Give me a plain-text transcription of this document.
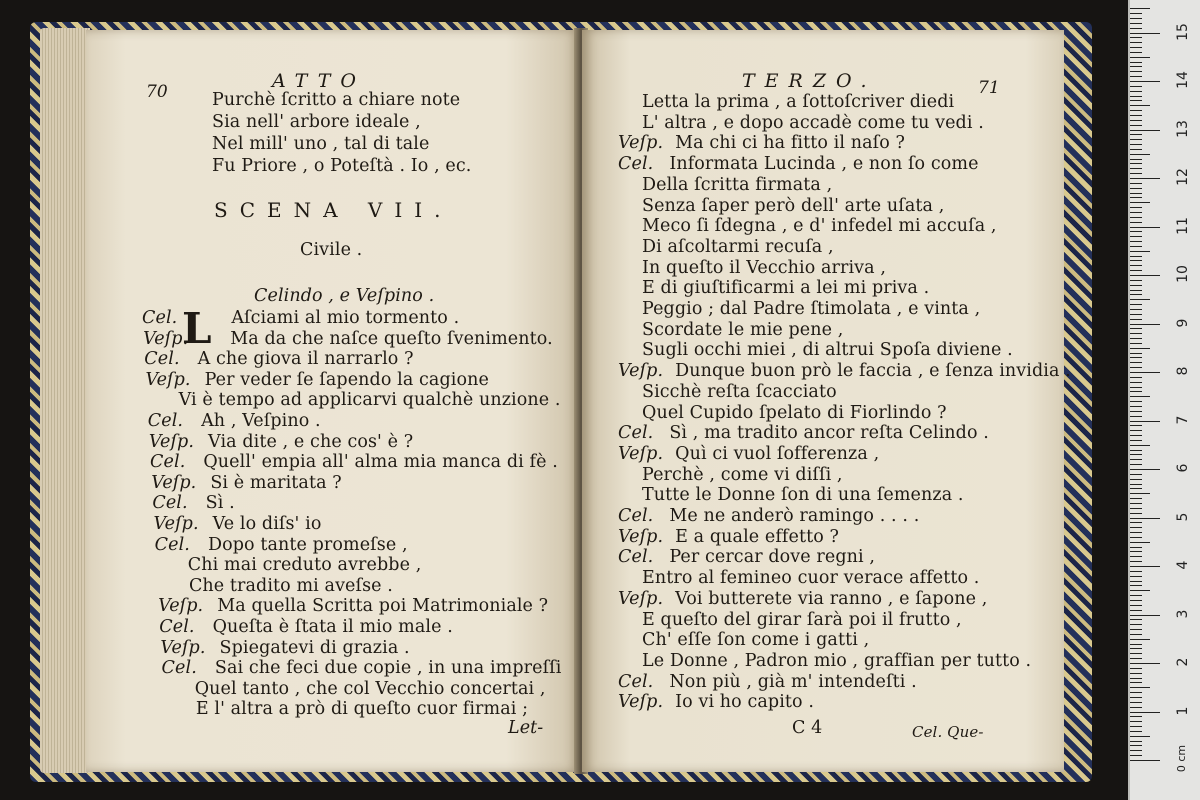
70	ATTO
Purchè ſcritto a chiare note
Sia nell' arbore ideale ,
Nel mill' uno , tal di tale
Fu Priore , o Poteſtà . Io , ec.
SCENA VII.
Civile .
Celindo , e Veſpino .
L
Cel.	Aſciami al mio tormento .
Veſp. Ma da che naſce queſto ſvenimento.
Cel. A che giova il narrarlo ?
Veſp. Per veder ſe ſapendo la cagione
Vi è tempo ad applicarvi qualchè unzione .
Cel. Ah , Veſpino .
Veſp. Via dite , e che cos' è ?
Cel. Quell' empia all' alma mia manca di fè .
Veſp. Si è maritata ?
Cel. Sì .
Veſp. Ve lo diſs' io
Cel. Dopo tante promeſse ,
Chi mai creduto avrebbe ,
Che tradito mi aveſse .
Veſp. Ma quella Scritta poi Matrimoniale ?
Cel. Queſta è ſtata il mio male .
Veſp. Spiegatevi di grazia .
Cel. Sai che feci due copie , in una impreſſi
Quel tanto , che col Vecchio concertai ,
E l' altra a prò di queſto cuor firmai ;
Let-
TERZO.	71
Letta la prima , a ſottoſcriver diedi
L' altra , e dopo accadè come tu vedi .
Veſp. Ma chi ci ha fitto il naſo ?
Cel. Informata Lucinda , e non ſo come
Della ſcritta firmata ,
Senza ſaper però dell' arte uſata ,
Meco ſi ſdegna , e d' infedel mi accuſa ,
Di aſcoltarmi recuſa ,
In queſto il Vecchio arriva ,
E di giuſtificarmi a lei mi priva .
Peggio ; dal Padre ſtimolata , e vinta ,
Scordate le mie pene ,
Sugli occhi miei , di altrui Spoſa diviene .
Veſp. Dunque buon prò le faccia , e ſenza invidia .
Sicchè reſta ſcacciato
Quel Cupido ſpelato di Fiorlindo ?
Cel. Sì , ma tradito ancor reſta Celindo .
Veſp. Quì ci vuol ſofferenza ,
Perchè , come vi diſſi ,
Tutte le Donne ſon di una ſemenza .
Cel. Me ne anderò ramingo . . . .
Veſp. E a quale effetto ?
Cel. Per cercar dove regni ,
Entro al femineo cuor verace affetto .
Veſp. Voi butterete via ranno , e ſapone ,
E queſto del girar ſarà poi il frutto ,
Ch' eſſe ſon come i gatti ,
Le Donne , Padron mio , graffian per tutto .
Cel. Non più , già m' intendeſti .
Veſp. Io vi ho capito .
C 4	Cel. Que-
1
2
3
4
5
6
7
8
9
10
11
12
13
14
15
0 cm
